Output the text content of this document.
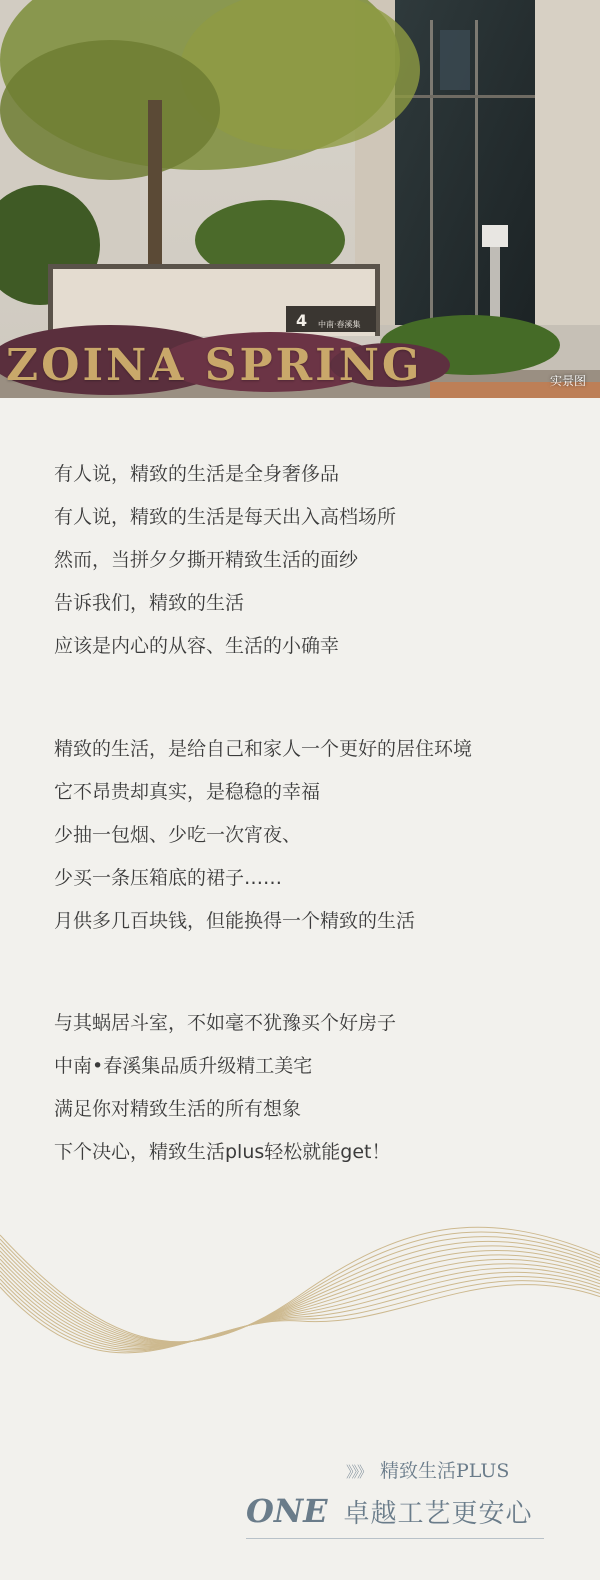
4 中南·春溪集
ZOINA SPRING	实景图
有人说，精致的生活是全身奢侈品
有人说，精致的生活是每天出入高档场所
然而，当拼夕夕撕开精致生活的面纱
告诉我们，精致的生活
应该是内心的从容、生活的小确幸
精致的生活，是给自己和家人一个更好的居住环境
它不昂贵却真实，是稳稳的幸福
少抽一包烟、少吃一次宵夜、
少买一条压箱底的裙子……
月供多几百块钱，但能换得一个精致的生活
与其蜗居斗室，不如毫不犹豫买个好房子
中南•春溪集品质升级精工美宅
满足你对精致生活的所有想象
下个决心，精致生活plus轻松就能get！
》》》 精致生活PLUS
ONE 卓越工艺更安心
